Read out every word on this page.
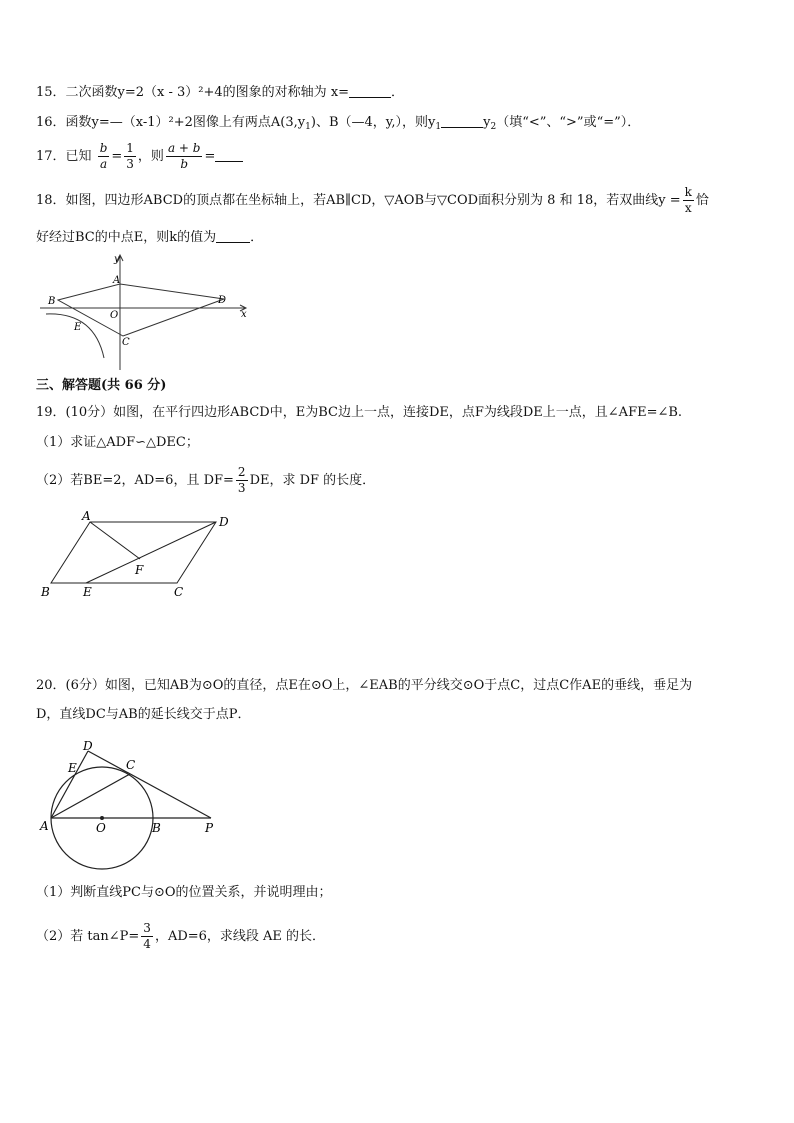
15．二次函数y=2（x - 3）²+4的图象的对称轴为 x=	．
16．函数y=—（x-1）²+2图像上有两点$A(3,y_1)$、B（—4，y,），则$y_1$	$y_2$（填“<”、“>”或“=”）．
17．已知 $\frac{b}{a} = \frac{1}{3}$ ，则 $\frac{a + b}{b}$ =
18．如图，四边形ABCD的顶点都在坐标轴上，若AB∥CD，▽AOB与▽COD面积分别为 8 和 18，若双曲线$y = \frac{k}{x}$ 恰
好经过BC的中点E，则k的值为	．
y
x
A
B	D
O
E
C
三、解答题(共 66 分)
19．(10分）如图，在平行四边形ABCD中，E为BC边上一点，连接DE，点F为线段DE上一点，且∠AFE=∠B.
（1）求证△ADF∽△DEC；
（2）若BE=2，AD=6，且 $DF= \frac{2}{3}$ DE，求 DF 的长度．
A	D
F
B	E	C
20．(6分）如图，已知AB为⊙O的直径，点E在⊙O上，∠EAB的平分线交⊙O于点C，过点C作AE的垂线，垂足为
D，直线DC与AB的延长线交于点P．
D
E	C
A	O	B	P
（1）判断直线PC与⊙O的位置关系，并说明理由；
（2）若 tan∠P= $\frac{3}{4}$ ，AD=6，求线段 AE 的长．
